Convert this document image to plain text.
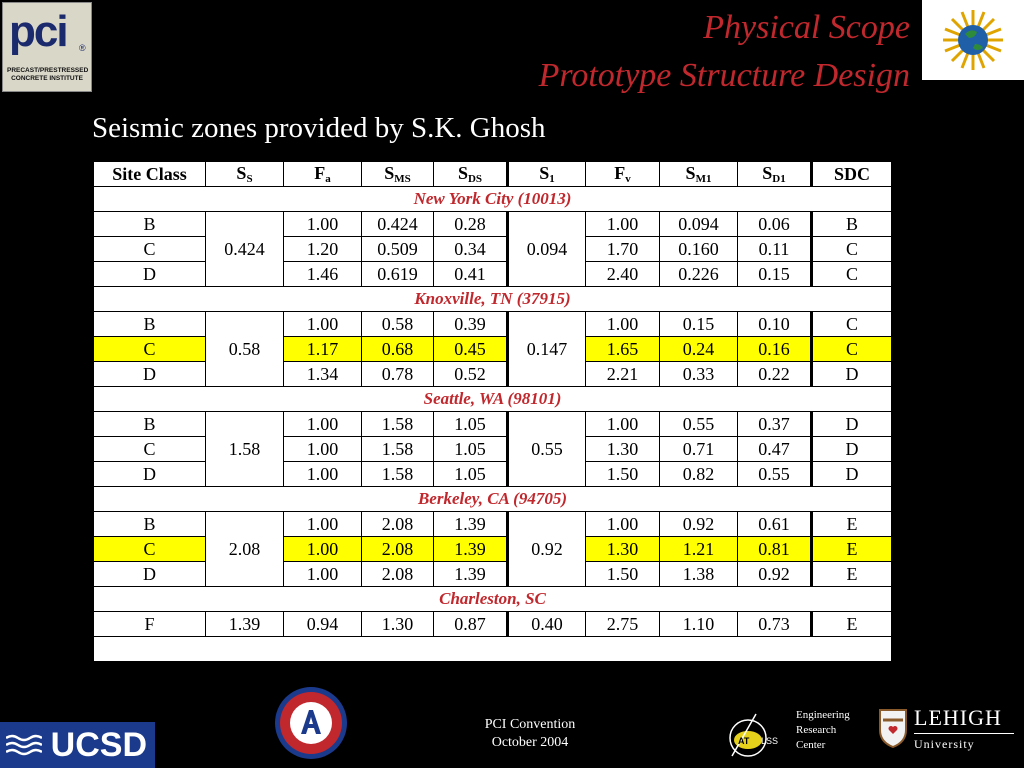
pci ®
PRECAST/PRESTRESSED CONCRETE INSTITUTE
Physical Scope
Prototype Structure Design
Seismic zones provided by S.K. Ghosh
Site Class	$S_S$	$F_a$	$S_{MS}$	$S_{DS}$	$S_1$	$F_v$	$S_{M1}$	$S_{D1}$	SDC
New York City (10013)									
B	0.424	1.00	0.424	0.28	0.094	1.00	0.094	0.06	B
C		1.20	0.509	0.34		1.70	0.160	0.11	C
D		1.46	0.619	0.41		2.40	0.226	0.15	C
Knoxville, TN (37915)									
B	0.58	1.00	0.58	0.39	0.147	1.00	0.15	0.10	C
C		1.17	0.68	0.45		1.65	0.24	0.16	C
D		1.34	0.78	0.52		2.21	0.33	0.22	D
Seattle, WA (98101)									
B	1.58	1.00	1.58	1.05	0.55	1.00	0.55	0.37	D
C		1.00	1.58	1.05		1.30	0.71	0.47	D
D		1.00	1.58	1.05		1.50	0.82	0.55	D
Berkeley, CA (94705)									
B	2.08	1.00	2.08	1.39	0.92	1.00	0.92	0.61	E
C		1.00	2.08	1.39		1.30	1.21	0.81	E
D		1.00	2.08	1.39		1.50	1.38	0.92	E
Charleston, SC									
F	1.39	0.94	1.30	0.87	0.40	2.75	1.10	0.73	E

UCSD
PCI Convention
October 2004	AT LSS
Engineering
Research
Center
LEHIGH
University
